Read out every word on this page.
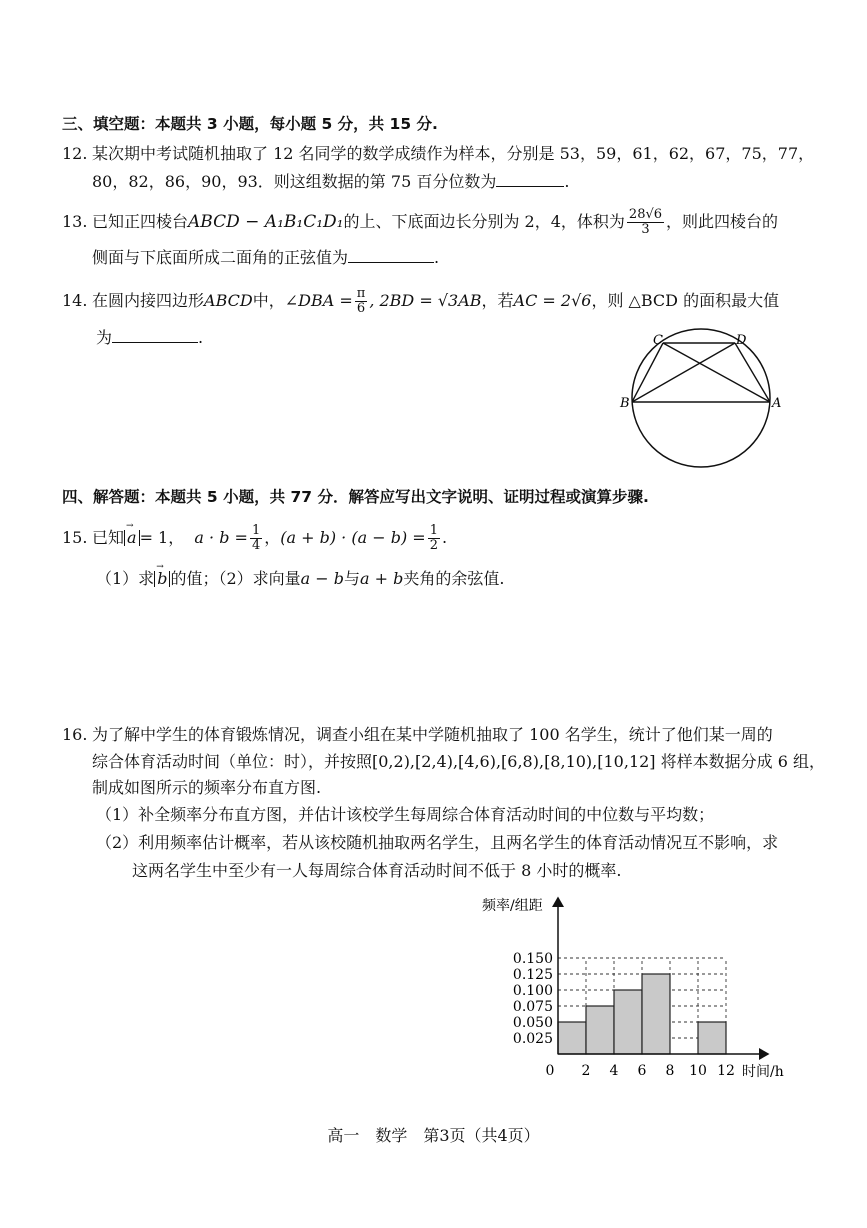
三、填空题：本题共 3 小题，每小题 5 分，共 15 分.
12. 某次期中考试随机抽取了 12 名同学的数学成绩作为样本，分别是 53，59，61，62，67，75，77，
80，82，86，90，93．则这组数据的第 75 百分位数为	.
13. 已知正四棱台ABCD − A₁B₁C₁D₁的上、下底面边长分别为 2，4，体积为 $\frac{28√6}{3}$ ，则此四棱台的
侧面与下底面所成二面角的正弦值为	.
14. 在圆内接四边形ABCD中，∠DBA = $\frac{\pi}{6}$ , 2BD = √3AB，若AC = 2√6，则 △BCD 的面积最大值
为	.	C	D
B	A
四、解答题：本题共 5 小题，共 77 分．解答应写出文字说明、证明过程或演算步骤.
15. 已知 → a = 1， $a \cdot b = \frac{1}{4}$ ，$(a + b) \cdot (a - b) = \frac{1}{2}$ .
（1）求 → b 的值；（2）求向量a − b与a + b夹角的余弦值.
16. 为了解中学生的体育锻炼情况，调查小组在某中学随机抽取了 100 名学生，统计了他们某一周的
综合体育活动时间（单位：时），并按照[0,2),[2,4),[4,6),[6,8),[8,10),[10,12] 将样本数据分成 6 组，
制成如图所示的频率分布直方图.
（1）补全频率分布直方图，并估计该校学生每周综合体育活动时间的中位数与平均数；
（2）利用频率估计概率，若从该校随机抽取两名学生，且两名学生的体育活动情况互不影响，求
这两名学生中至少有一人每周综合体育活动时间不低于 8 小时的概率.
0.025
0.050
0.075
0.100
0.125
0.150
0 2 4 6 8 10 12
频率/组距
时间/h
高一　数学　第3页（共4页）
